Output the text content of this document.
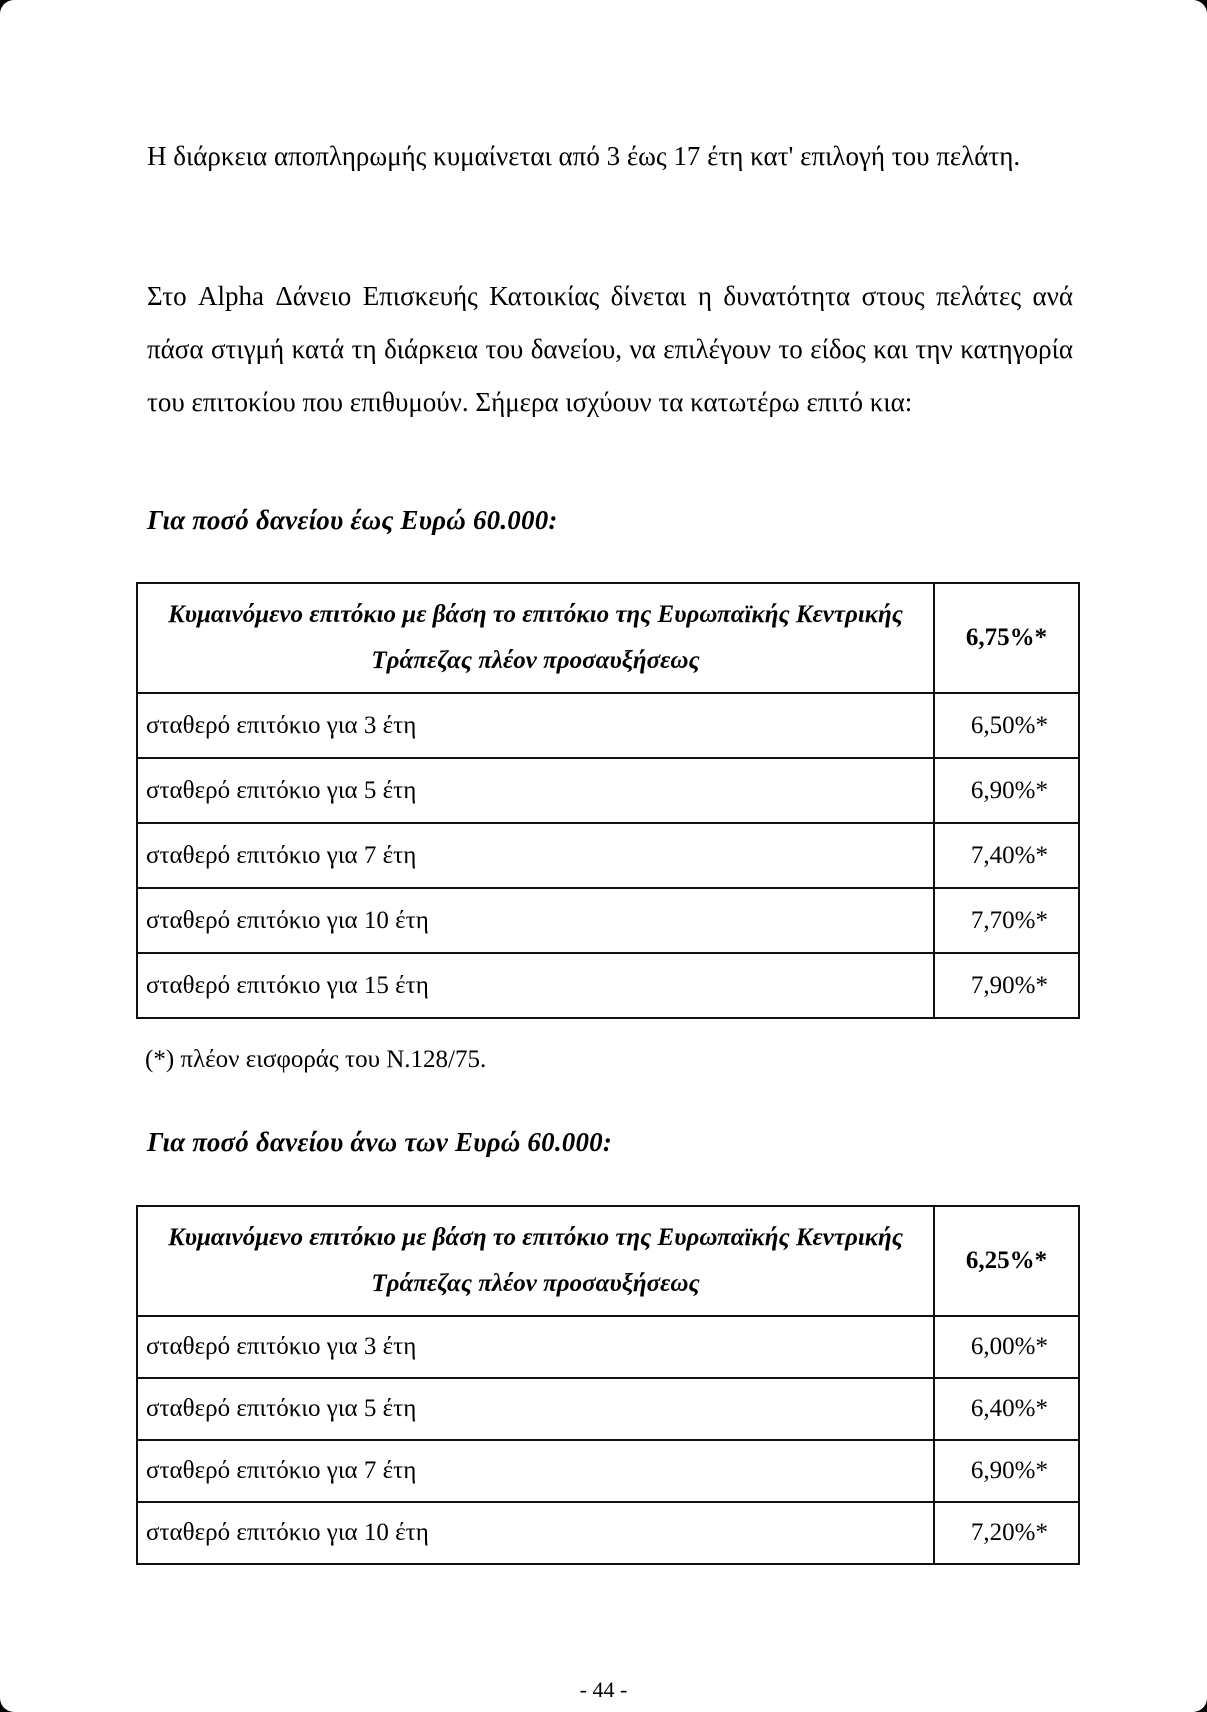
Η διάρκεια αποπληρωμής κυμαίνεται από 3 έως 17 έτη κατ' επιλογή του πελάτη.

Στο Alpha Δάνειο Επισκευής Κατοικίας δίνεται η δυνατότητα στους πελάτες ανά πάσα στιγμή κατά τη διάρκεια του δανείου, να επιλέγουν το είδος και την κατηγορία του επιτοκίου που επιθυμούν. Σήμερα ισχύουν τα κατωτέρω επιτό κια:

Για ποσό δανείου έως Ευρώ 60.000:

Κυμαινόμενο επιτόκιο με βάση το επιτόκιο της Ευρωπαϊκής Κεντρικής Τράπεζας πλέον προσαυξήσεως	6,75%*
σταθερό επιτόκιο για 3 έτη	6,50%*
σταθερό επιτόκιο για 5 έτη	6,90%*
σταθερό επιτόκιο για 7 έτη	7,40%*
σταθερό επιτόκιο για 10 έτη	7,70%*
σταθερό επιτόκιο για 15 έτη	7,90%*

(*) πλέον εισφοράς του Ν.128/75.

Για ποσό δανείου άνω των Ευρώ 60.000:

Κυμαινόμενο επιτόκιο με βάση το επιτόκιο της Ευρωπαϊκής Κεντρικής Τράπεζας πλέον προσαυξήσεως	6,25%*
σταθερό επιτόκιο για 3 έτη	6,00%*
σταθερό επιτόκιο για 5 έτη	6,40%*
σταθερό επιτόκιο για 7 έτη	6,90%*
σταθερό επιτόκιο για 10 έτη	7,20%*

- 44 -
